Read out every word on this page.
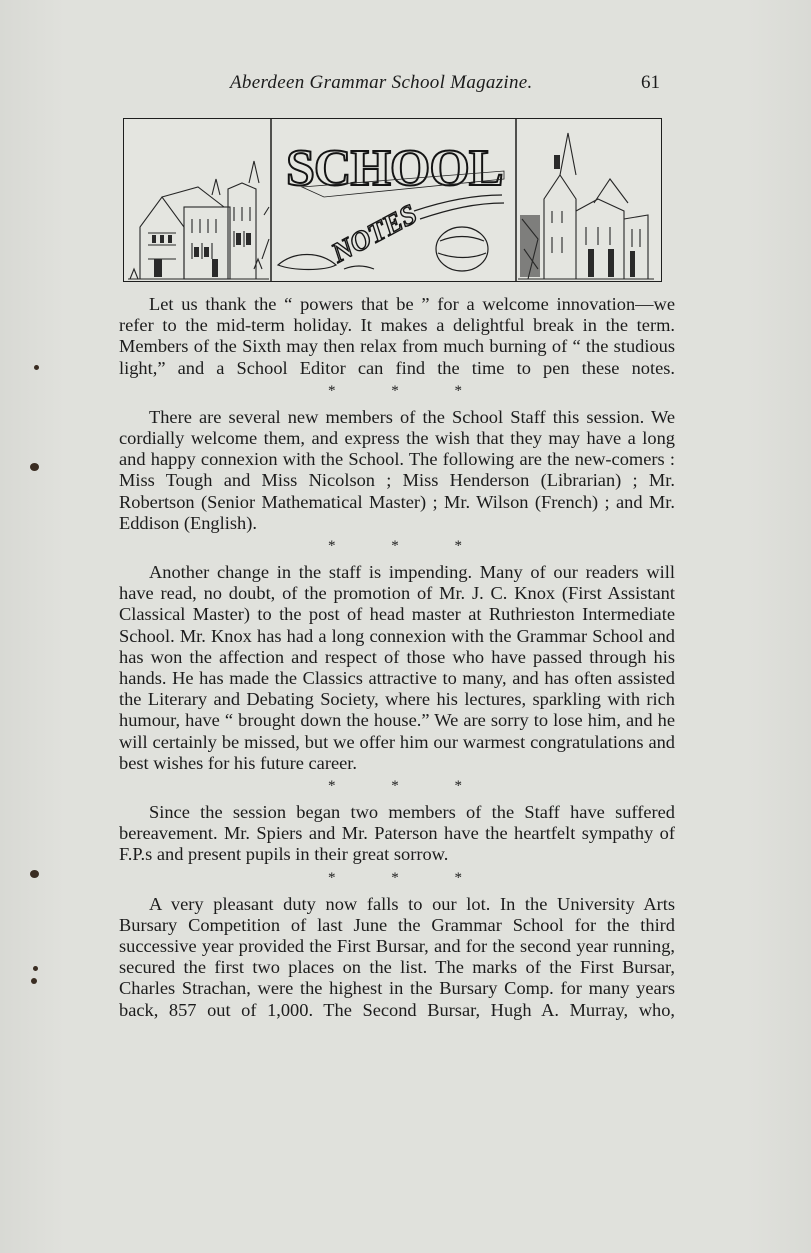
Aberdeen Grammar School Magazine.	61
SCHOOL
NOTES

Let us thank the “ powers that be ” for a welcome innovation—we refer to the mid-term holiday. It makes a delightful break in the term. Members of the Sixth may then relax from much burning of “ the studious light,” and a School Editor can find the time to pen these notes.

* * *

There are several new members of the School Staff this session. We cordially welcome them, and express the wish that they may have a long and happy connexion with the School. The following are the new-comers : Miss Tough and Miss Nicolson ; Miss Henderson (Librarian) ; Mr. Robertson (Senior Mathematical Master) ; Mr. Wilson (French) ; and Mr. Eddison (English).

* * *

Another change in the staff is impending. Many of our readers will have read, no doubt, of the promotion of Mr. J. C. Knox (First Assistant Classical Master) to the post of head master at Ruthrieston Intermediate School. Mr. Knox has had a long connexion with the Grammar School and has won the affection and respect of those who have passed through his hands. He has made the Classics attractive to many, and has often assisted the Literary and Debating Society, where his lectures, sparkling with rich humour, have “ brought down the house.” We are sorry to lose him, and he will certainly be missed, but we offer him our warmest congratulations and best wishes for his future career.

* * *

Since the session began two members of the Staff have suffered bereavement. Mr. Spiers and Mr. Paterson have the heartfelt sympathy of F.P.s and present pupils in their great sorrow.

* * *

A very pleasant duty now falls to our lot. In the University Arts Bursary Competition of last June the Grammar School for the third successive year provided the First Bursar, and for the second year running, secured the first two places on the list. The marks of the First Bursar, Charles Strachan, were the highest in the Bursary Comp. for many years back, 857 out of 1,000. The Second Bursar, Hugh A. Murray, who,
